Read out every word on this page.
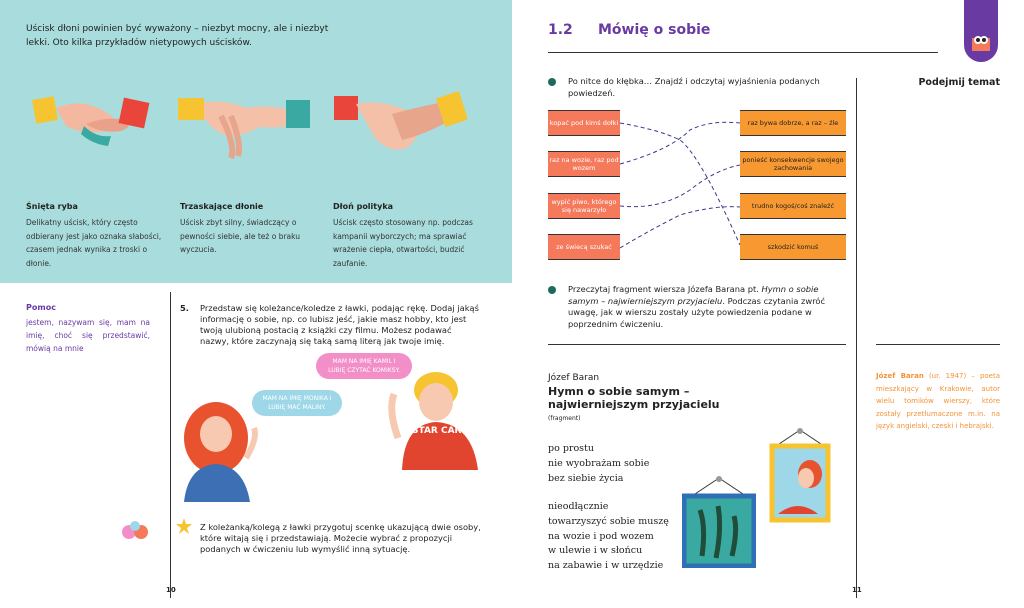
Uścisk dłoni powinien być wyważony – niezbyt mocny, ale i niezbyt lekki. Oto kilka przykładów nietypowych uścisków.
Śnięta ryba
Delikatny uścisk, który często odbierany jest jako oznaka słabości, czasem jednak wynika z troski o dłonie.
Trzaskające dłonie
Uścisk zbyt silny, świadczący o pewności siebie, ale też o braku wyczucia.
Dłoń polityka
Uścisk często stosowany np. podczas kampanii wyborczych; ma sprawiać wrażenie ciepła, otwartości, budzić zaufanie.
Pomoc
jestem, nazywam się, mam na imię, choć się przedstawić, mówią na mnie
5. Przedstaw się koleżance/koledze z ławki, podając rękę. Dodaj jakąś informację o sobie, np. co lubisz jeść, jakie masz hobby, kto jest twoją ulubioną postacią z książki czy filmu. Możesz podawać nazwy, które zaczynają się taką samą literą jak twoje imię.
MAM NA IMIĘ KAMIL I LUBIĘ CZYTAĆ KOMIKSY.
MAM NA IMIĘ MONIKA I LUBIĘ MAĆ MALINY.
STAR CARS
Z koleżanką/kolegą z ławki przygotuj scenkę ukazującą dwie osoby, które witają się i przedstawiają. Możecie wybrać z propozycji podanych w ćwiczeniu lub wymyślić inną sytuację.
10
1.2 Mówię o sobie
Po nitce do kłębka… Znajdź i odczytaj wyjaśnienia podanych powiedzeń.
kopać pod kimś dołki
raz na wozie, raz pod wozem
wypić piwo, którego się nawarzyło
ze świecą szukać
raz bywa dobrze, a raz – źle
ponieść konsekwencje swojego zachowania
trudno kogoś/coś znaleźć
szkodzić komuś
Przeczytaj fragment wiersza Józefa Barana pt. Hymn o sobie samym – najwierniejszym przyjacielu. Podczas czytania zwróć uwagę, jak w wierszu zostały użyte powiedzenia podane w poprzednim ćwiczeniu.
Józef Baran
Hymn o sobie samym – najwierniejszym przyjacielu
(fragment)
po prostu
nie wyobrażam sobie
bez siebie życia
nieodłącznie
towarzyszyć sobie muszę
na wozie i pod wozem
w ulewie i w słońcu
na zabawie i w urzędzie
Podejmij temat
Józef Baran (ur. 1947) – poeta mieszkający w Krakowie, autor wielu tomików wierszy, które zostały przetłumaczone m.in. na język angielski, czeski i hebrajski.
11
